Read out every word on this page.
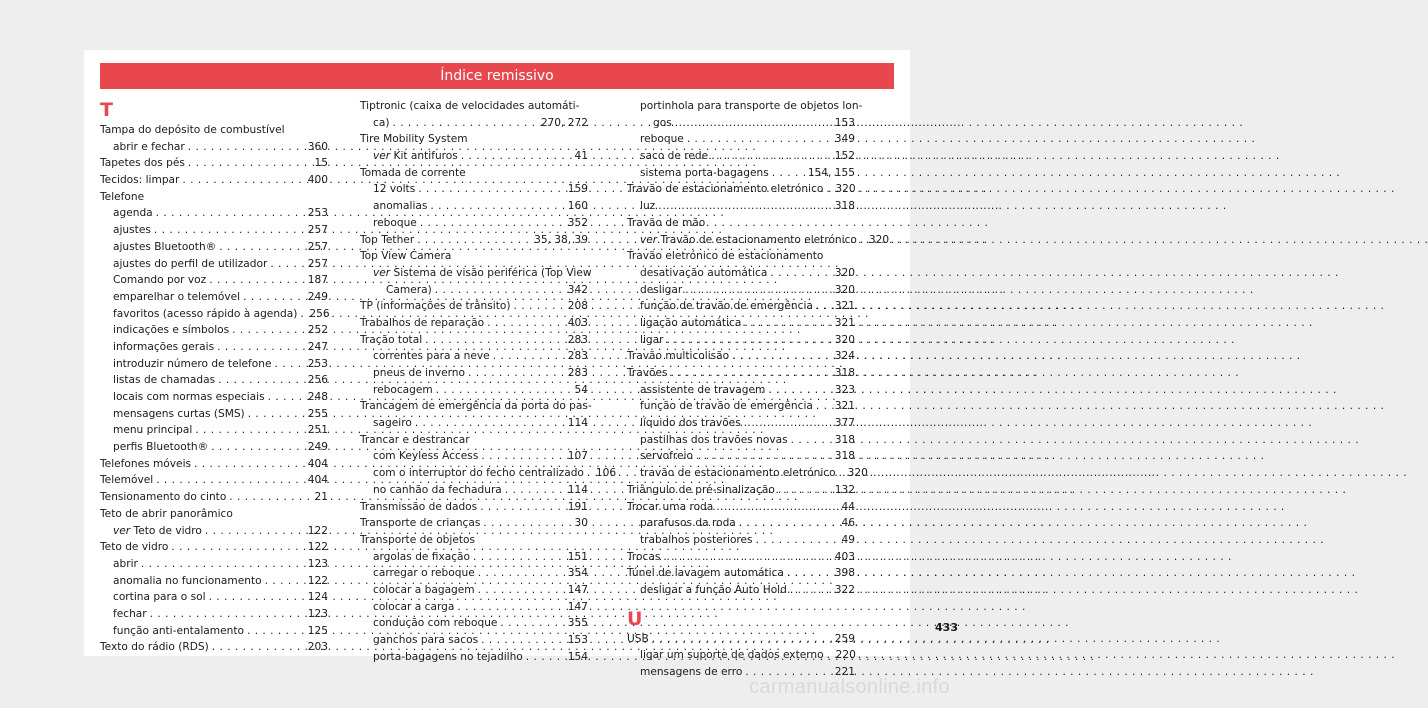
Índice remissivo
T
Tampa do depósito de combustível
abrir e fechar . . .	360
Tapetes dos pés . . .	15
Tecidos: limpar . . .	400
Telefone
agenda . . .	253
ajustes . . .	257
ajustes Bluetooth® . . .	257
ajustes do perfil de utilizador . . .	257
Comando por voz . . .	187
emparelhar o telemóvel . . .	249
favoritos (acesso rápido à agenda) . . . 256
indicações e símbolos . . .	252
informações gerais . . .	247
introduzir número de telefone . . .	253
listas de chamadas . . .	256
locais com normas especiais . . .	248
mensagens curtas (SMS) . . .	255
menu principal . . .	251
perfis Bluetooth® . . .	249
Telefones móveis . . .	404
Telemóvel . . .	404
Tensionamento do cinto . . .	21
Teto de abrir panorâmico
ver Teto de vidro . . .	122
Teto de vidro . . .	122
abrir . . .	123
anomalia no funcionamento . . .	122
cortina para o sol . . .	124
fechar . . .	123
função anti-entalamento . . .	125
Texto do rádio (RDS) . . .	203
Tiptronic (caixa de velocidades automáti-
ca) . . .	270, 272
Tire Mobility System
ver Kit antifuros . . .	41
Tomada de corrente
12 volts . . .	159
anomalias . . .	160
reboque . . .	352
Top Tether . . .	35, 38, 39
Top View Camera
ver Sistema de visão periférica (Top View
Camera) . . .	342
TP (informações de trânsito) . . .	208
Trabalhos de reparação . . .	403
Tração total . . .	283
correntes para a neve . . .	283
pneus de inverno . . .	283
rebocagem . . .	54
Trancagem de emergência da porta do pas-
sageiro . . .	114
Trancar e destrancar
com Keyless Access . . .	107
com o interruptor do fecho centralizado . . . 106
no canhão da fechadura . . .	114
Transmissão de dados . . .	191
Transporte de crianças . . .	30
Transporte de objetos
argolas de fixação . . .	151
carregar o reboque . . .	354
colocar a bagagem . . .	147
colocar a carga . . .	147
condução com reboque . . .	355
ganchos para sacos . . .	153
porta-bagagens no tejadilho . . .	154
portinhola para transporte de objetos lon-
gos . . .	153
reboque . . .	349
saco de rede . . .	152
sistema porta-bagagens . . .	154, 155
Travão de estacionamento eletrónico . . . 320
luz . . .	318
Travão de mão
ver Travão de estacionamento eletrónico . . . 320
Travão eletrónico de estacionamento
desativação automática . . .	320
desligar . . .	320
função de travão de emergência . . . 321
ligação automática . . .	321
ligar . . .	320
Travão multicolisão . . .	324
Travões . . .	318
assistente de travagem . . .	323
função de travão de emergência . . . 321
líquido dos travões . . .	377
pastilhas dos travões novas . . .	318
servofreio . . .	318
travão de estacionamento eletrónico . . . 320
Triângulo de pré-sinalização . . .	132
Trocar uma roda . . .	44
parafusos da roda . . .	46
trabalhos posteriores . . .	49
Trocas . . .	403
Túnel de lavagem automática . . .	398
desligar a função Auto Hold . . .	322
U
USB . . .	259
ligar um suporte de dados externo . . . 220
mensagens de erro . . .	221
433
carmanualsonline.info
